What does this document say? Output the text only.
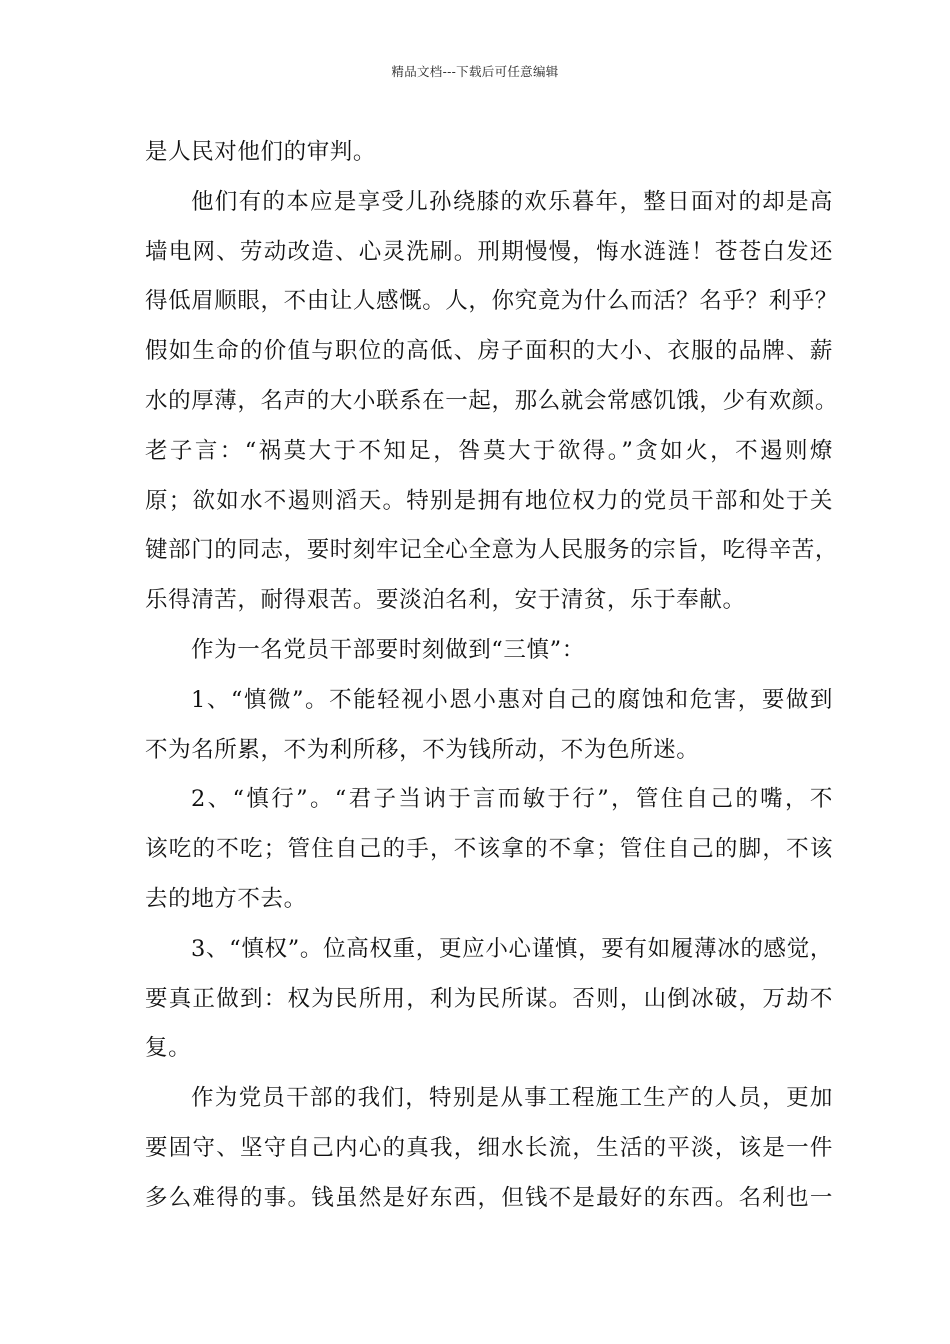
精品文档---下载后可任意编辑
是人民对他们的审判。
他们有的本应是享受儿孙绕膝的欢乐暮年，整日面对的却是高
墙电网、劳动改造、心灵洗刷。刑期慢慢，悔水涟涟！苍苍白发还
得低眉顺眼，不由让人感慨。人，你究竟为什么而活？名乎？利乎？
假如生命的价值与职位的高低、房子面积的大小、衣服的品牌、薪
水的厚薄，名声的大小联系在一起，那么就会常感饥饿，少有欢颜。
老子言：“祸莫大于不知足，咎莫大于欲得。”贪如火，不遏则燎
原；欲如水不遏则滔天。特别是拥有地位权力的党员干部和处于关
键部门的同志，要时刻牢记全心全意为人民服务的宗旨，吃得辛苦，
乐得清苦，耐得艰苦。要淡泊名利，安于清贫，乐于奉献。
作为一名党员干部要时刻做到“三慎”：
1、“慎微”。不能轻视小恩小惠对自己的腐蚀和危害，要做到
不为名所累，不为利所移，不为钱所动，不为色所迷。
2、“慎行”。“君子当讷于言而敏于行”，管住自己的嘴，不
该吃的不吃；管住自己的手，不该拿的不拿；管住自己的脚，不该
去的地方不去。
3、“慎权”。位高权重，更应小心谨慎，要有如履薄冰的感觉，
要真正做到：权为民所用，利为民所谋。否则，山倒冰破，万劫不
复。
作为党员干部的我们，特别是从事工程施工生产的人员，更加
要固守、坚守自己内心的真我，细水长流，生活的平淡，该是一件
多么难得的事。钱虽然是好东西，但钱不是最好的东西。名利也一
